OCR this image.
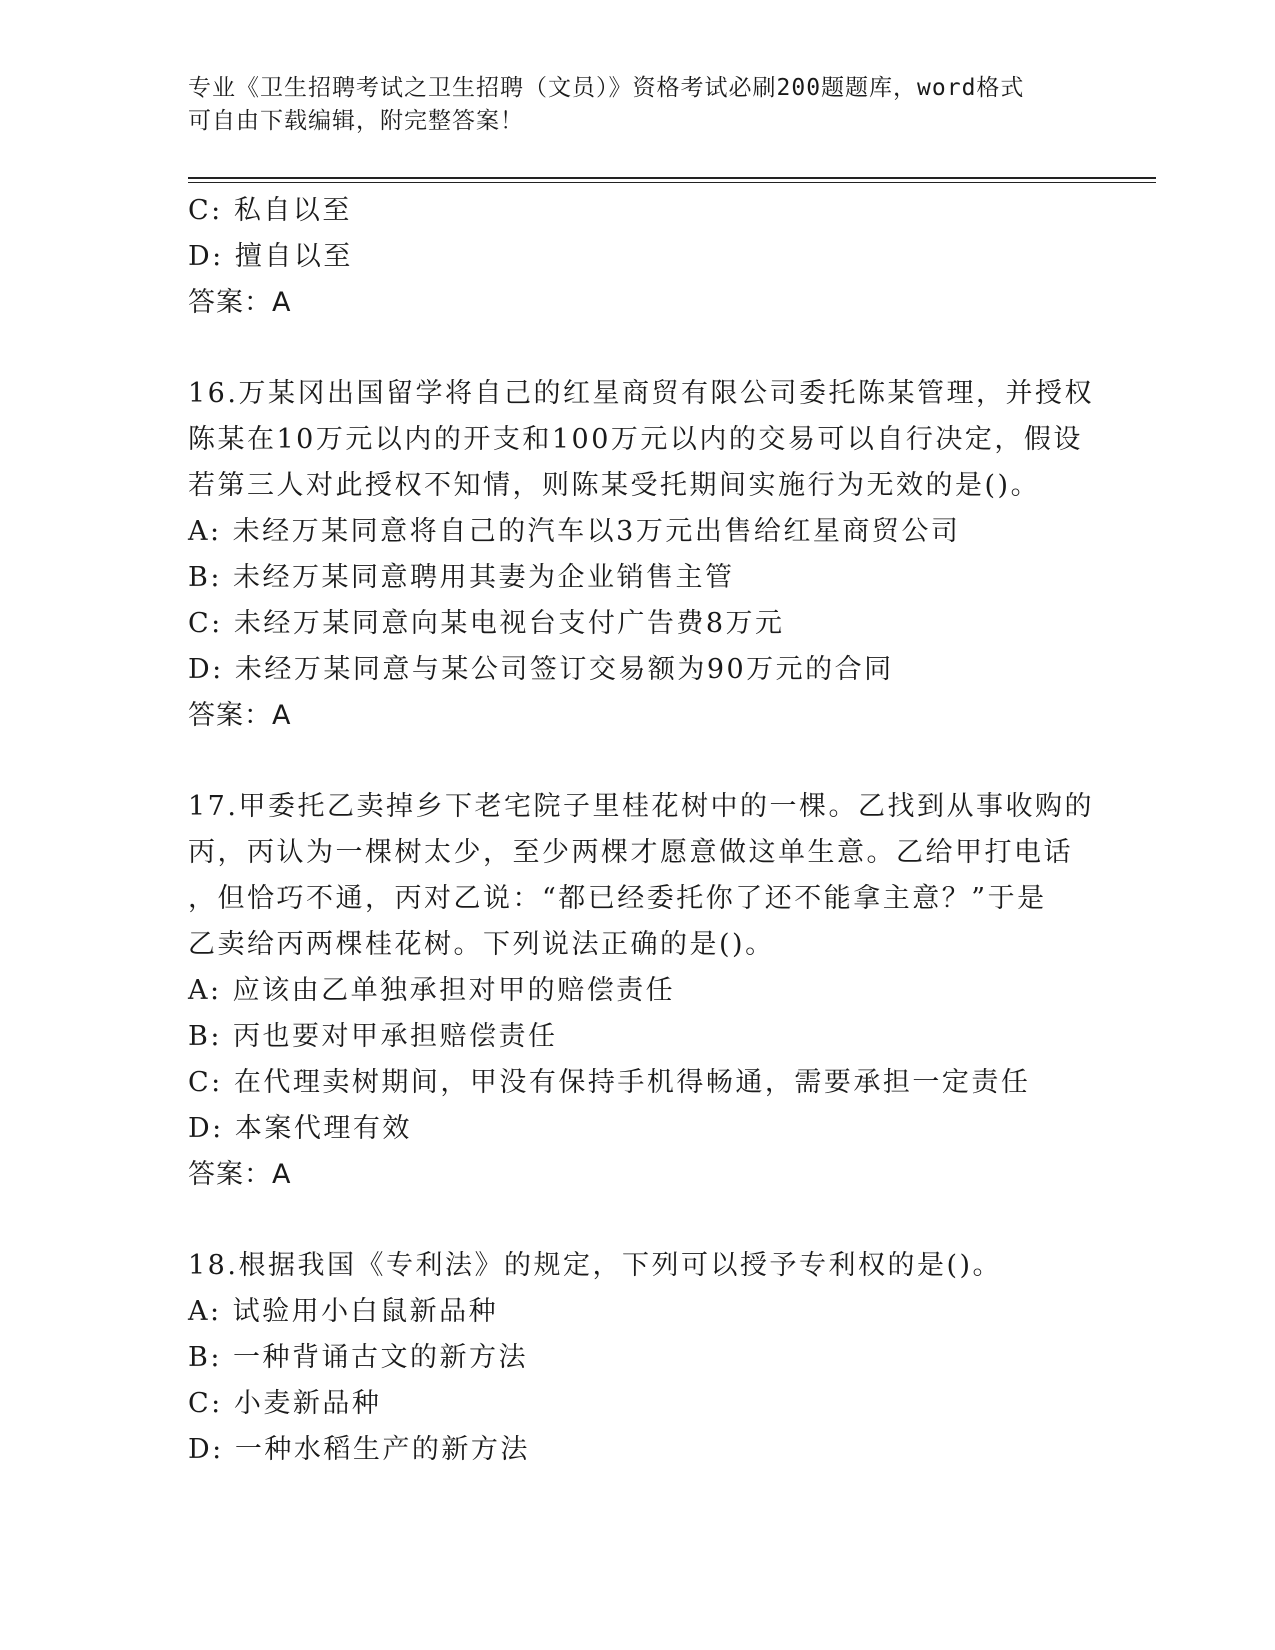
专业《卫生招聘考试之卫生招聘（文员）》资格考试必刷200题题库，word格式
可自由下载编辑，附完整答案！
C: 私自以至
D: 擅自以至
答案：A
16.万某冈出国留学将自己的红星商贸有限公司委托陈某管理，并授权
陈某在10万元以内的开支和100万元以内的交易可以自行决定，假设
若第三人对此授权不知情，则陈某受托期间实施行为无效的是()。
A: 未经万某同意将自己的汽车以3万元出售给红星商贸公司
B: 未经万某同意聘用其妻为企业销售主管
C: 未经万某同意向某电视台支付广告费8万元
D: 未经万某同意与某公司签订交易额为90万元的合同
答案：A
17.甲委托乙卖掉乡下老宅院子里桂花树中的一棵。乙找到从事收购的
丙，丙认为一棵树太少，至少两棵才愿意做这单生意。乙给甲打电话
，但恰巧不通，丙对乙说：“都已经委托你了还不能拿主意？”于是
乙卖给丙两棵桂花树。下列说法正确的是()。
A: 应该由乙单独承担对甲的赔偿责任
B: 丙也要对甲承担赔偿责任
C: 在代理卖树期间，甲没有保持手机得畅通，需要承担一定责任
D: 本案代理有效
答案：A
18.根据我国《专利法》的规定，下列可以授予专利权的是()。
A: 试验用小白鼠新品种
B: 一种背诵古文的新方法
C: 小麦新品种
D: 一种水稻生产的新方法
